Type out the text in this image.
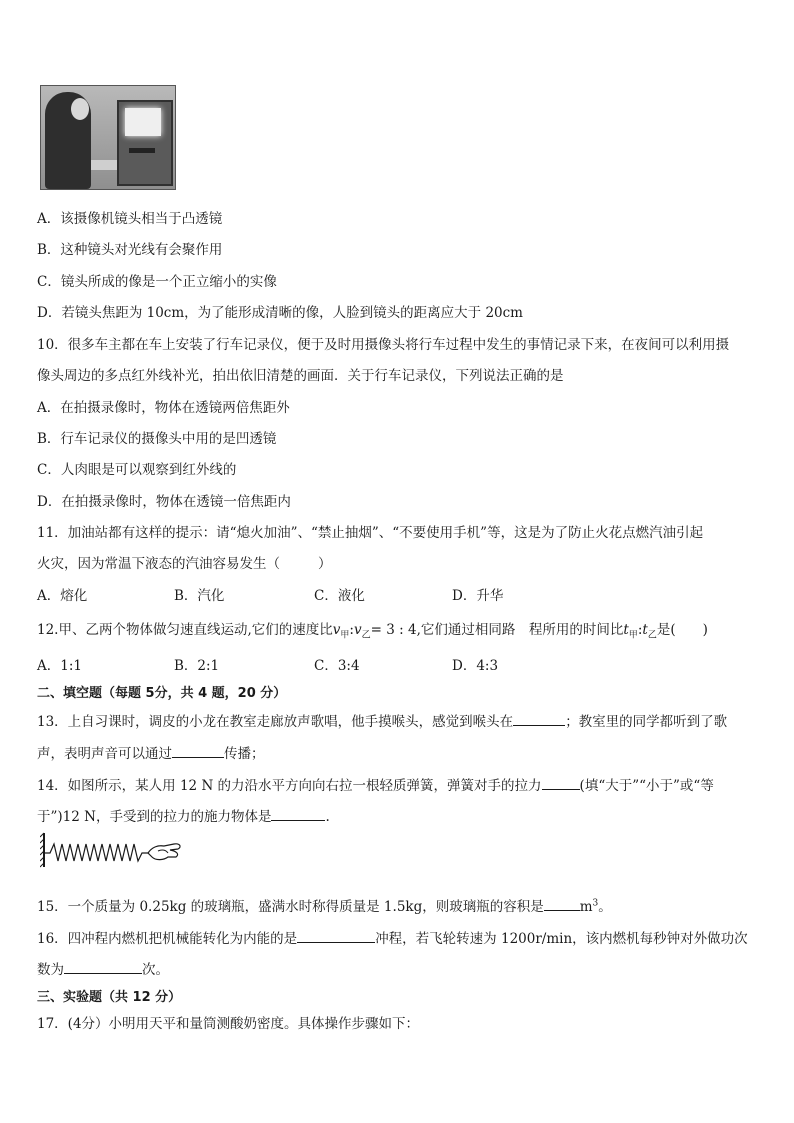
A．该摄像机镜头相当于凸透镜
B．这种镜头对光线有会聚作用
C．镜头所成的像是一个正立缩小的实像
D．若镜头焦距为 10cm，为了能形成清晰的像，人脸到镜头的距离应大于 20cm
10．很多车主都在车上安装了行车记录仪，便于及时用摄像头将行车过程中发生的事情记录下来，在夜间可以利用摄
像头周边的多点红外线补光，拍出依旧清楚的画面．关于行车记录仪，下列说法正确的是
A．在拍摄录像时，物体在透镜两倍焦距外
B．行车记录仪的摄像头中用的是凹透镜
C．人肉眼是可以观察到红外线的
D．在拍摄录像时，物体在透镜一倍焦距内
11．加油站都有这样的提示：请“熄火加油”、“禁止抽烟”、“不要使用手机”等，这是为了防止火花点燃汽油引起
火灾，因为常温下液态的汽油容易发生（	）
A．熔化	B．汽化	C．液化	D．升华
12.甲、乙两个物体做匀速直线运动,它们的速度比$v_甲:v_乙= 3$ : 4,它们通过相同路　程所用的时间比$t_甲:t_乙$是(　　)
A．1:1	B．2:1	C．3:4	D．4:3
二、填空题（每题 5分，共 4 题，20 分）
13．上自习课时，调皮的小龙在教室走廊放声歌唱，他手摸喉头，感觉到喉头在	；教室里的同学都听到了歌
声，表明声音可以通过	传播；
14．如图所示，某人用 12 N 的力沿水平方向向右拉一根轻质弹簧，弹簧对手的拉力	(填“大于”“小于”或“等
于”)12 N，手受到的拉力的施力物体是	.
15．一个质量为 0.25kg 的玻璃瓶，盛满水时称得质量是 1.5kg，则玻璃瓶的容积是	$m^3$。
16．四冲程内燃机把机械能转化为内能的是	冲程，若飞轮转速为 1200r/min，该内燃机每秒钟对外做功次
数为	次。
三、实验题（共 12 分）
17．(4分）小明用天平和量筒测酸奶密度。具体操作步骤如下：
